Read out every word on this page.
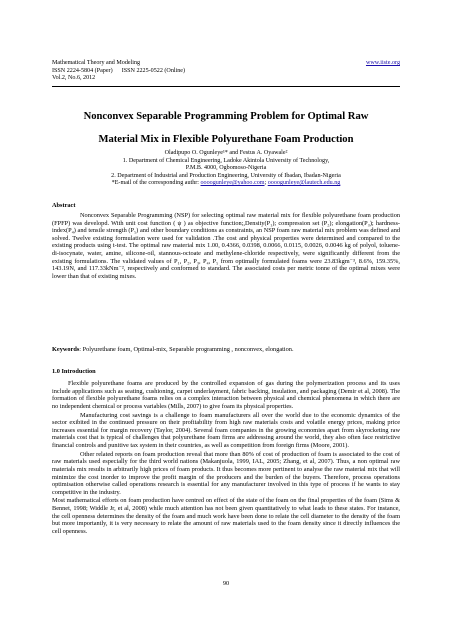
Mathematical Theory and Modeling
ISSN 2224-5804 (Paper)      ISSN 2225-0522 (Online)
Vol.2, No.6, 2012
www.iiste.org
Nonconvex Separable Programming Problem for Optimal Raw
Material Mix in Flexible Polyurethane Foam Production
Oladipupo O. Ogunleye¹* and Festus A. Oyawale²
1. Department of Chemical Engineering, Ladoke Akintola University of Technology,
P.M.B. 4000, Ogbomoso-Nigeria
2. Department of Industrial and Production Engineering, University of Ibadan, Ibadan-Nigeria
*E-mail of the corresponding authr: oooogunleye@yahoo.com; oooogunleye@lautech.edu.ng
Abstract
Nonconvex Separable Programming (NSP) for selecting optimal raw material mix for flexible polyurethane foam production (FPFP) was developd. With unit cost function ( ψ ) as objective function;,Density(P₁); compression set (P₂); elongation(P₃); hardness-index(P₄) and tensile strength (P₅) and other boundary conditions as constraints, an NSP foam raw material mix problem was defined and solved. Twelve existing formulation were used for validation .The cost and physical properties were determined and compared to the existing products using t-test. The optimal raw material mix 1.00, 0.4366, 0.0398, 0.0066, 0.0115, 0.0026, 0.0046 kg of polyol, toluene-di-isocynate, water, amine, silicone-oil, stannous-octoate and methylene-chloride respectively, were significantly different from the existing formulations. The validated values of P₁, P₂, P₃, P₄, P₅ from optimally formulated foams were 23.83kgm⁻³, 8.6%, 159.35%, 143.19N, and 117.33kNm⁻², respectively and conformed to standard. The associated costs per metric tonne of the optimal mixes were lower than that of existing mixes.
Keywords: Polyurethane foam, Optimal-mix, Separable programming , nonconvex, elongation.
1.0 Introduction

Flexible polyurethane foams are produced by the controlled expansion of gas during the polymerization process and its uses include applications such as seating, cushioning, carpet underlayment, fabric backing, insulation, and packaging (Demir et al, 2008). The formation of flexible polyurethane foams relies on a complex interaction between physical and chemical phenomena in which there are no independent chemical or process variables (Mills, 2007) to give foam its physical properties.

Manufacturing cost savings is a challenge to foam manufacturers all over the world due to the economic dynamics of the sector exibited in the continued pressure on their profitability from high raw materials costs and volatile energy prices, making price increases essential for margin recovery (Taylor, 2004). Several foam companies in the growing economies apart from skyrocketing raw materials cost that is typical of challenges that polyurethane foam firms are addressing around the world, they also often face restrictive financial controls and punitive tax system in their countries, as well as competition from foreign firms (Moore, 2001).

Other related reports on foam production reveal that more than 80% of cost of production of foam is associated to the cost of raw materials used especially for the third world nations (Makanjuola, 1999, IAL, 2005; Zhang, et al, 2007). Thus, a non optimal raw materials mix results in arbitrarily high prices of foam products. It thus becomes more pertinent to analyse the raw material mix that will minimize the cost inorder to improve the profit margin of the producers and the burden of the buyers. Therefore, process operations optimisation otherwise called operations research is essential for any manufacturer involved in this type of process if he wants to stay competitive in the industry.

Most mathematical efforts on foam production have centred on effect of the state of the foam on the final properties of the foam (Sims & Bennet, 1998; Widdle Jr, et al, 2008) while much attention has not been given quantitatively to what leads to these states. For instance, the cell openness determines the density of the foam and much work have been done to relate the cell diameter to the density of the foam but more importantly, it is very necessary to relate the amount of raw materials used to the foam density since it directly influences the cell openness.

90
